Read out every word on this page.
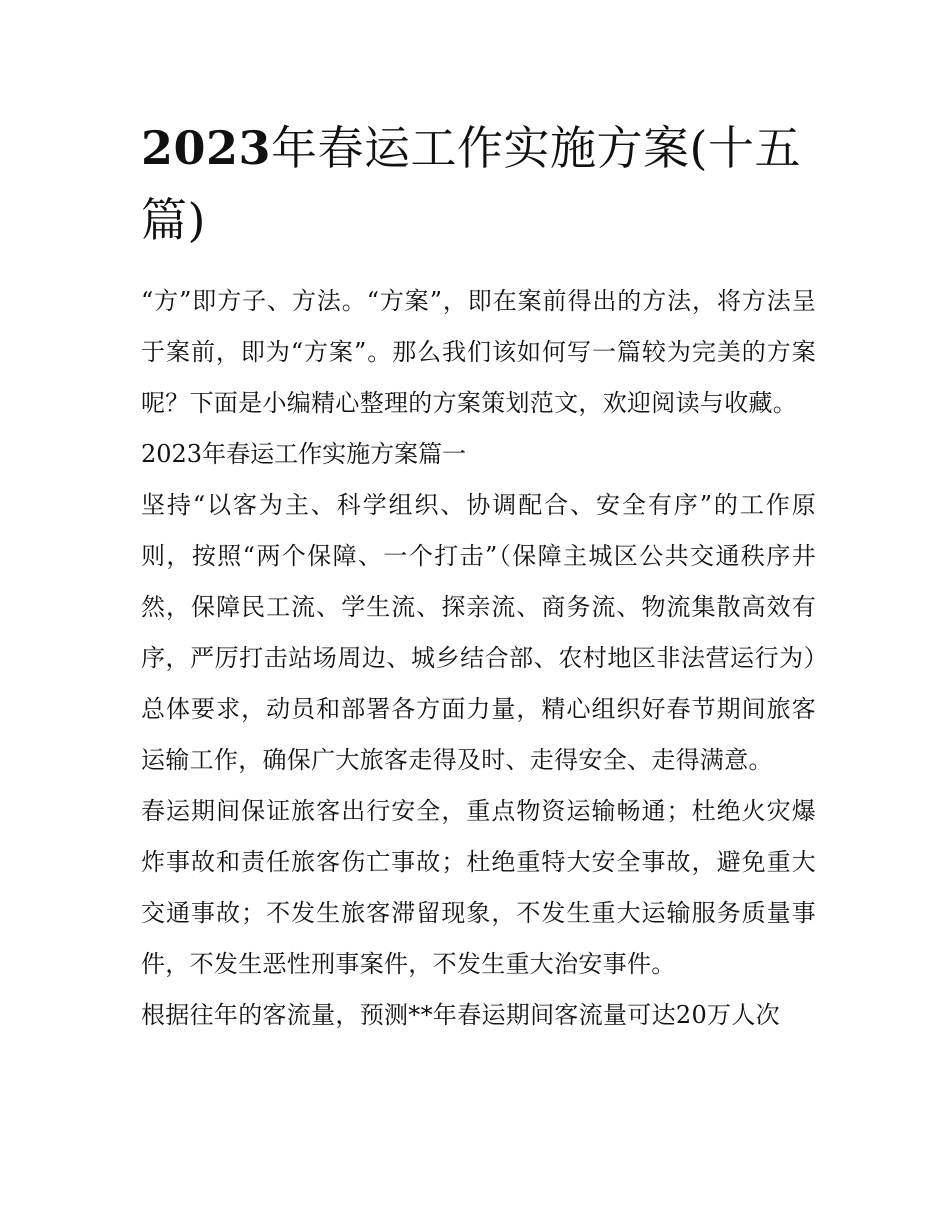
2023年春运工作实施方案(十五篇)

“方”即方子、方法。“方案”，即在案前得出的方法，将方法呈于案前，即为“方案”。那么我们该如何写一篇较为完美的方案呢？下面是小编精心整理的方案策划范文，欢迎阅读与收藏。

2023年春运工作实施方案篇一

坚持“以客为主、科学组织、协调配合、安全有序”的工作原则，按照“两个保障、一个打击”（保障主城区公共交通秩序井然，保障民工流、学生流、探亲流、商务流、物流集散高效有序，严厉打击站场周边、城乡结合部、农村地区非法营运行为）总体要求，动员和部署各方面力量，精心组织好春节期间旅客运输工作，确保广大旅客走得及时、走得安全、走得满意。

春运期间保证旅客出行安全，重点物资运输畅通；杜绝火灾爆炸事故和责任旅客伤亡事故；杜绝重特大安全事故，避免重大交通事故；不发生旅客滞留现象，不发生重大运输服务质量事件，不发生恶性刑事案件，不发生重大治安事件。

根据往年的客流量，预测**年春运期间客流量可达20万人次
